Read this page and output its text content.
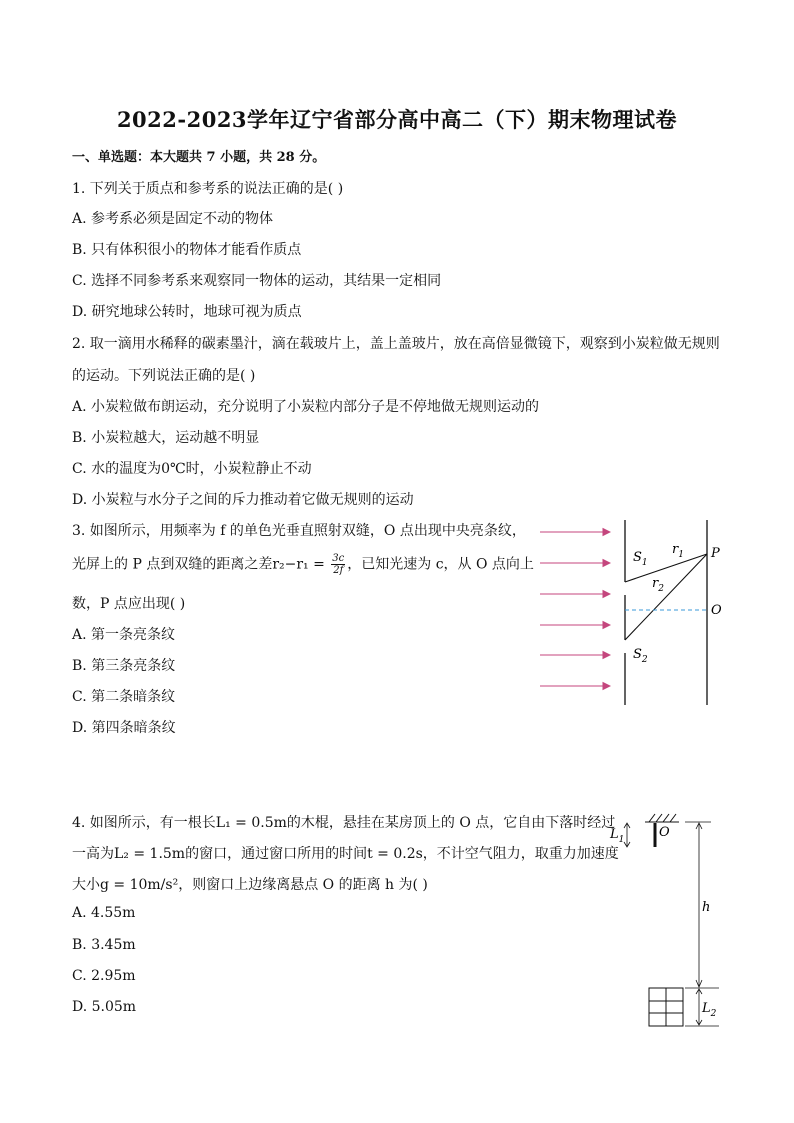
2022-2023学年辽宁省部分高中高二（下）期末物理试卷
一、单选题：本大题共 7 小题，共 28 分。
1. 下列关于质点和参考系的说法正确的是( )
A. 参考系必须是固定不动的物体
B. 只有体积很小的物体才能看作质点
C. 选择不同参考系来观察同一物体的运动，其结果一定相同
D. 研究地球公转时，地球可视为质点
2. 取一滴用水稀释的碳素墨汁，滴在载玻片上，盖上盖玻片，放在高倍显微镜下，观察到小炭粒做无规则
的运动。下列说法正确的是( )
A. 小炭粒做布朗运动，充分说明了小炭粒内部分子是不停地做无规则运动的
B. 小炭粒越大，运动越不明显
C. 水的温度为0℃时，小炭粒静止不动
D. 小炭粒与水分子之间的斥力推动着它做无规则的运动
3. 如图所示，用频率为 f 的单色光垂直照射双缝，O 点出现中央亮条纹，
光屏上的 P 点到双缝的距离之差$r_2-r_1 = \frac{3c}{2f}$ ，已知光速为 c，从 O 点向上
数，P 点应出现( )
A. 第一条亮条纹
B. 第三条亮条纹
C. 第二条暗条纹
D. 第四条暗条纹
$S_1$
$S_2$
$r_1$
$r_2$
P
O
4. 如图所示，有一根长L₁ = 0.5m的木棍，悬挂在某房顶上的 O 点，它自由下落时经过
一高为L₂ = 1.5m的窗口，通过窗口所用的时间t = 0.2s，不计空气阻力，取重力加速度
大小g = 10m/s²，则窗口上边缘离悬点 O 的距离 h 为( )
A. 4.55m
B. 3.45m
C. 2.95m
D. 5.05m
$L_1$	O
h
$L_2$
